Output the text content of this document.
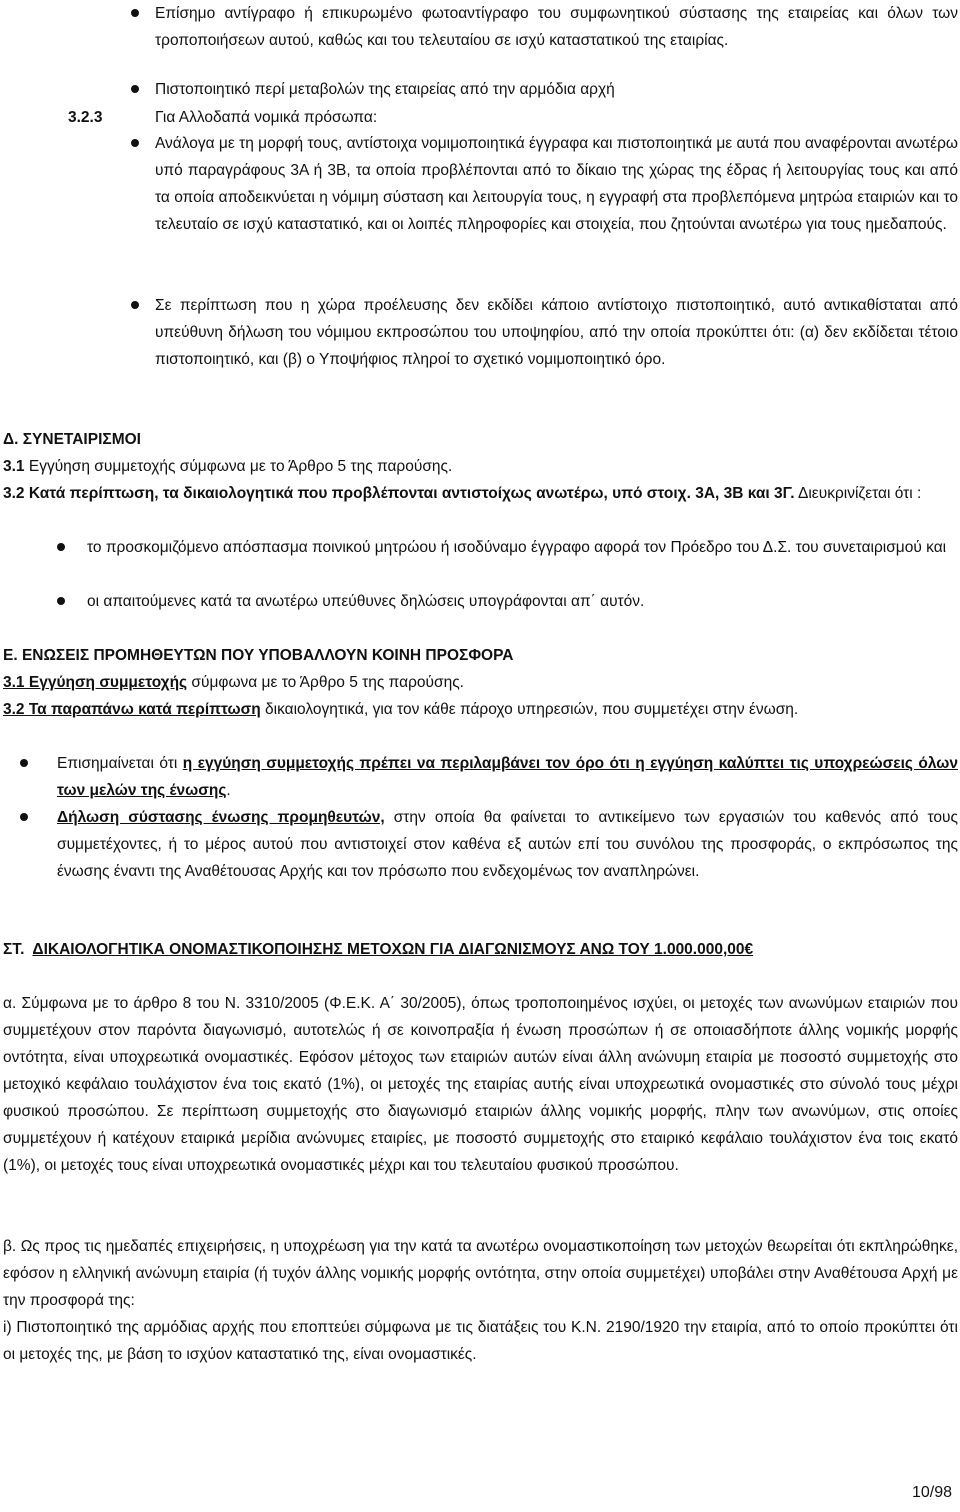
Επίσημο αντίγραφο ή επικυρωμένο φωτοαντίγραφο του συμφωνητικού σύστασης της εταιρείας και όλων των τροποποιήσεων αυτού, καθώς και του τελευταίου σε ισχύ καταστατικού της εταιρίας.
Πιστοποιητικό περί μεταβολών της εταιρείας από την αρμόδια αρχή
3.2.3	Για Αλλοδαπά νομικά πρόσωπα:
Ανάλογα με τη μορφή τους, αντίστοιχα νομιμοποιητικά έγγραφα και πιστοποιητικά με αυτά που αναφέρονται ανωτέρω υπό παραγράφους 3Α ή 3Β, τα οποία προβλέπονται από το δίκαιο της χώρας της έδρας ή λειτουργίας τους και από τα οποία αποδεικνύεται η νόμιμη σύσταση και λειτουργία τους, η εγγραφή στα προβλεπόμενα μητρώα εταιριών και το τελευταίο σε ισχύ καταστατικό, και οι λοιπές πληροφορίες και στοιχεία, που ζητούνται ανωτέρω για τους ημεδαπούς.
Σε περίπτωση που η χώρα προέλευσης δεν εκδίδει κάποιο αντίστοιχο πιστοποιητικό, αυτό αντικαθίσταται από υπεύθυνη δήλωση του νόμιμου εκπροσώπου του υποψηφίου, από την οποία προκύπτει ότι: (α) δεν εκδίδεται τέτοιο πιστοποιητικό, και (β) ο Υποψήφιος πληροί το σχετικό νομιμοποιητικό όρο.
Δ. ΣΥΝΕΤΑΙΡΙΣΜΟΙ
3.1 Εγγύηση συμμετοχής σύμφωνα με το Άρθρο 5 της παρούσης.
3.2 Κατά περίπτωση, τα δικαιολογητικά που προβλέπονται αντιστοίχως ανωτέρω, υπό στοιχ. 3Α, 3Β και 3Γ. Διευκρινίζεται ότι :
το προσκομιζόμενο απόσπασμα ποινικού μητρώου ή ισοδύναμο έγγραφο αφορά τον Πρόεδρο του Δ.Σ. του συνεταιρισμού και
οι απαιτούμενες κατά τα ανωτέρω υπεύθυνες δηλώσεις υπογράφονται απ΄ αυτόν.
Ε. ΕΝΩΣΕΙΣ ΠΡΟΜΗΘΕΥΤΩΝ ΠΟΥ ΥΠΟΒΑΛΛΟΥΝ ΚΟΙΝΗ ΠΡΟΣΦΟΡΑ
3.1 Εγγύηση συμμετοχής σύμφωνα με το Άρθρο 5 της παρούσης.
3.2 Τα παραπάνω κατά περίπτωση δικαιολογητικά, για τον κάθε πάροχο υπηρεσιών, που συμμετέχει στην ένωση.
Επισημαίνεται ότι η εγγύηση συμμετοχής πρέπει να περιλαμβάνει τον όρο ότι η εγγύηση καλύπτει τις υποχρεώσεις όλων των μελών της ένωσης.
Δήλωση σύστασης ένωσης προμηθευτών, στην οποία θα φαίνεται το αντικείμενο των εργασιών του καθενός από τους συμμετέχοντες, ή το μέρος αυτού που αντιστοιχεί στον καθένα εξ αυτών επί του συνόλου της προσφοράς, ο εκπρόσωπος της ένωσης έναντι της Αναθέτουσας Αρχής και τον πρόσωπο που ενδεχομένως τον αναπληρώνει.
ΣΤ.  ΔΙΚΑΙΟΛΟΓΗΤΙΚΑ ΟΝΟΜΑΣΤΙΚΟΠΟΙΗΣΗΣ ΜΕΤΟΧΩΝ ΓΙΑ ΔΙΑΓΩΝΙΣΜΟΥΣ ΑΝΩ ΤΟΥ 1.000.000,00€
α. Σύμφωνα με το άρθρο 8 του Ν. 3310/2005 (Φ.Ε.Κ. Α΄ 30/2005), όπως τροποποιημένος ισχύει, οι μετοχές των ανωνύμων εταιριών που συμμετέχουν στον παρόντα διαγωνισμό, αυτοτελώς ή σε κοινοπραξία ή ένωση προσώπων ή σε οποιασδήποτε άλλης νομικής μορφής οντότητα, είναι υποχρεωτικά ονομαστικές. Εφόσον μέτοχος των εταιριών αυτών είναι άλλη ανώνυμη εταιρία με ποσοστό συμμετοχής στο μετοχικό κεφάλαιο τουλάχιστον ένα τοις εκατό (1%), οι μετοχές της εταιρίας αυτής είναι υποχρεωτικά ονομαστικές στο σύνολό τους μέχρι φυσικού προσώπου. Σε περίπτωση συμμετοχής στο διαγωνισμό εταιριών άλλης νομικής μορφής, πλην των ανωνύμων, στις οποίες συμμετέχουν ή κατέχουν εταιρικά μερίδια ανώνυμες εταιρίες, με ποσοστό συμμετοχής στο εταιρικό κεφάλαιο τουλάχιστον ένα τοις εκατό (1%), οι μετοχές τους είναι υποχρεωτικά ονομαστικές μέχρι και του τελευταίου φυσικού προσώπου.
β. Ως προς τις ημεδαπές επιχειρήσεις, η υποχρέωση για την κατά τα ανωτέρω ονομαστικοποίηση των μετοχών θεωρείται ότι εκπληρώθηκε, εφόσον η ελληνική ανώνυμη εταιρία (ή τυχόν άλλης νομικής μορφής οντότητα, στην οποία συμμετέχει) υποβάλει στην Αναθέτουσα Αρχή με την προσφορά της:
i) Πιστοποιητικό της αρμόδιας αρχής που εποπτεύει σύμφωνα με τις διατάξεις του Κ.Ν. 2190/1920 την εταιρία, από το οποίο προκύπτει ότι οι μετοχές της, με βάση το ισχύον καταστατικό της, είναι ονομαστικές.
10/98
